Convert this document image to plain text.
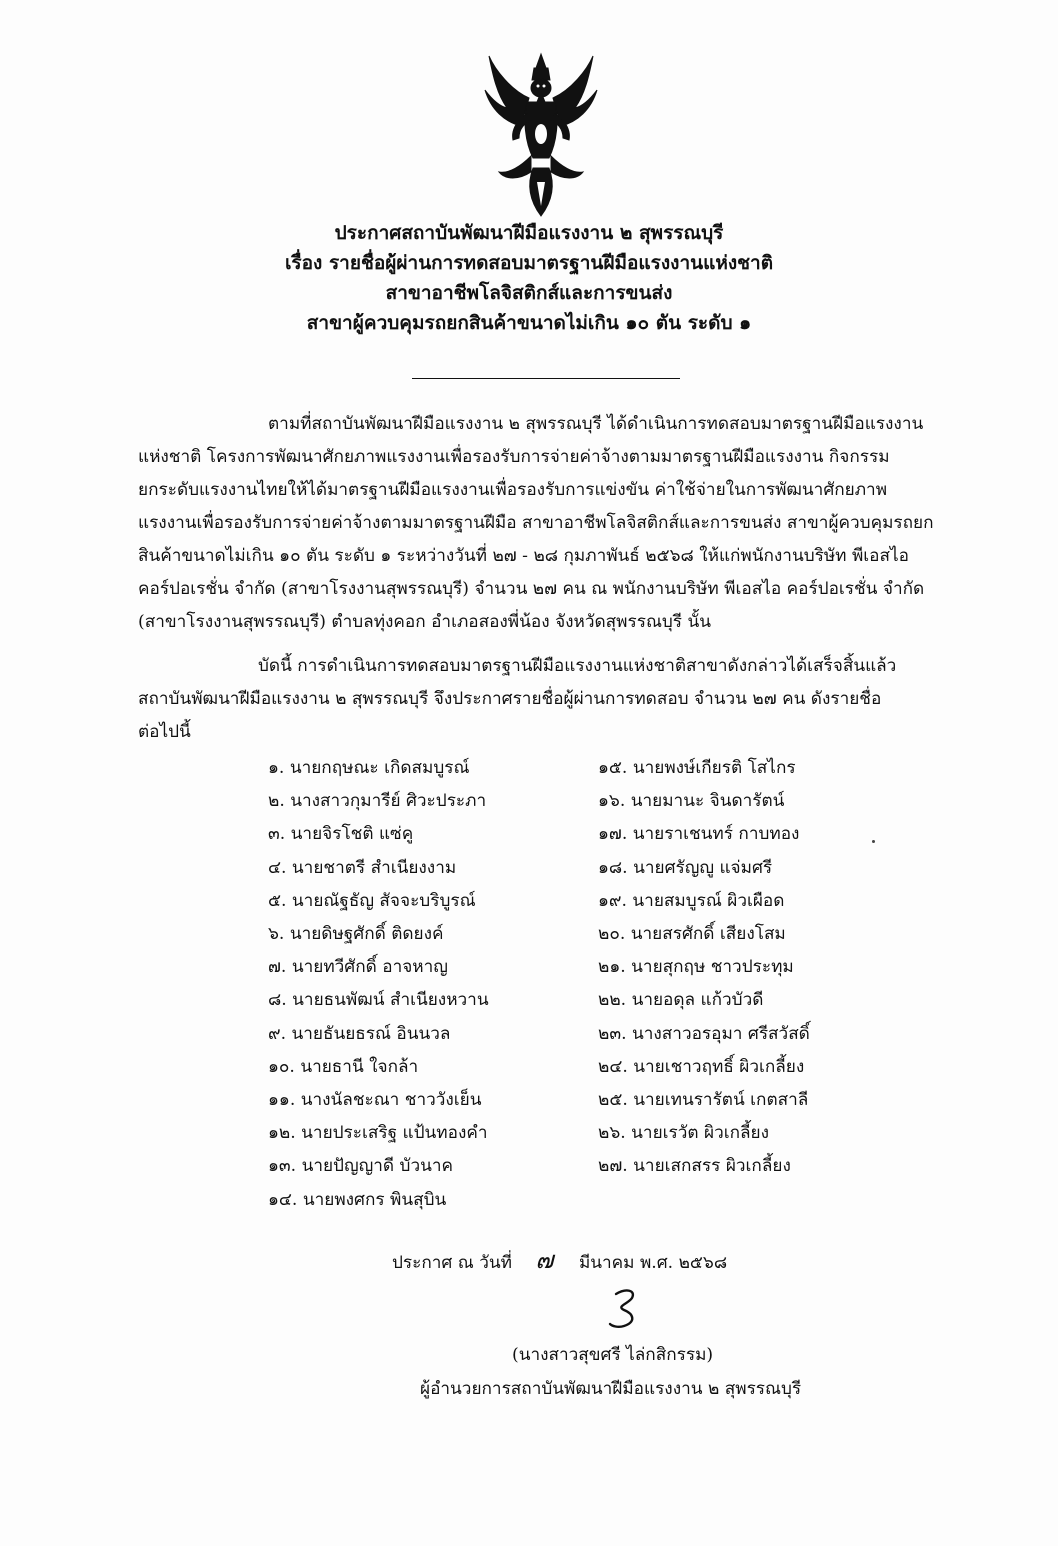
ประกาศสถาบันพัฒนาฝีมือแรงงาน ๒ สุพรรณบุรี
เรื่อง รายชื่อผู้ผ่านการทดสอบมาตรฐานฝีมือแรงงานแห่งชาติ
สาขาอาชีพโลจิสติกส์และการขนส่ง
สาขาผู้ควบคุมรถยกสินค้าขนาดไม่เกิน ๑๐ ตัน ระดับ ๑
ตามที่สถาบันพัฒนาฝีมือแรงงาน ๒ สุพรรณบุรี ได้ดำเนินการทดสอบมาตรฐานฝีมือแรงงาน
แห่งชาติ โครงการพัฒนาศักยภาพแรงงานเพื่อรองรับการจ่ายค่าจ้างตามมาตรฐานฝีมือแรงงาน กิจกรรม
ยกระดับแรงงานไทยให้ได้มาตรฐานฝีมือแรงงานเพื่อรองรับการแข่งขัน ค่าใช้จ่ายในการพัฒนาศักยภาพ
แรงงานเพื่อรองรับการจ่ายค่าจ้างตามมาตรฐานฝีมือ สาขาอาชีพโลจิสติกส์และการขนส่ง สาขาผู้ควบคุมรถยก
สินค้าขนาดไม่เกิน ๑๐ ตัน ระดับ ๑ ระหว่างวันที่ ๒๗ - ๒๘ กุมภาพันธ์ ๒๕๖๘ ให้แก่พนักงานบริษัท พีเอสไอ
คอร์ปอเรชั่น จำกัด (สาขาโรงงานสุพรรณบุรี) จำนวน ๒๗ คน ณ พนักงานบริษัท พีเอสไอ คอร์ปอเรชั่น จำกัด
(สาขาโรงงานสุพรรณบุรี) ตำบลทุ่งคอก อำเภอสองพี่น้อง จังหวัดสุพรรณบุรี นั้น
บัดนี้ การดำเนินการทดสอบมาตรฐานฝีมือแรงงานแห่งชาติสาขาดังกล่าวได้เสร็จสิ้นแล้ว
สถาบันพัฒนาฝีมือแรงงาน ๒ สุพรรณบุรี จึงประกาศรายชื่อผู้ผ่านการทดสอบ จำนวน ๒๗ คน ดังรายชื่อ
ต่อไปนี้
๑. นายกฤษณะ เกิดสมบูรณ์
๒. นางสาวกุมารีย์ ศิวะประภา
๓. นายจิรโชติ แซ่คู
๔. นายชาตรี สำเนียงงาม
๕. นายณัฐธัญ สัจจะบริบูรณ์
๖. นายดิษฐศักดิ์ ติดยงค์
๗. นายทวีศักดิ์ อาจหาญ
๘. นายธนพัฒน์ สำเนียงหวาน
๙. นายธันยธรณ์ อินนวล
๑๐. นายธานี ใจกล้า
๑๑. นางนัลชะณา ชาววังเย็น
๑๒. นายประเสริฐ แป้นทองคำ
๑๓. นายปัญญาดี บัวนาค
๑๔. นายพงศกร พินสุบิน
๑๕. นายพงษ์เกียรติ โสไกร
๑๖. นายมานะ จินดารัตน์
๑๗. นายราเชนทร์ กาบทอง
๑๘. นายศรัญญู แจ่มศรี
๑๙. นายสมบูรณ์ ผิวเผือด
๒๐. นายสรศักดิ์ เสียงโสม
๒๑. นายสุกฤษ ชาวประทุม
๒๒. นายอดุล แก้วบัวดี
๒๓. นางสาวอรอุมา ศรีสวัสดิ์
๒๔. นายเชาวฤทธิ์ ผิวเกลี้ยง
๒๕. นายเทนรารัตน์ เกตสาลี
๒๖. นายเรวัต ผิวเกลี้ยง
๒๗. นายเสกสรร ผิวเกลี้ยง
ประกาศ ณ วันที่ ๗ มีนาคม พ.ศ. ๒๕๖๘
(นางสาวสุขศรี ไล่กสิกรรม)
ผู้อำนวยการสถาบันพัฒนาฝีมือแรงงาน ๒ สุพรรณบุรี
